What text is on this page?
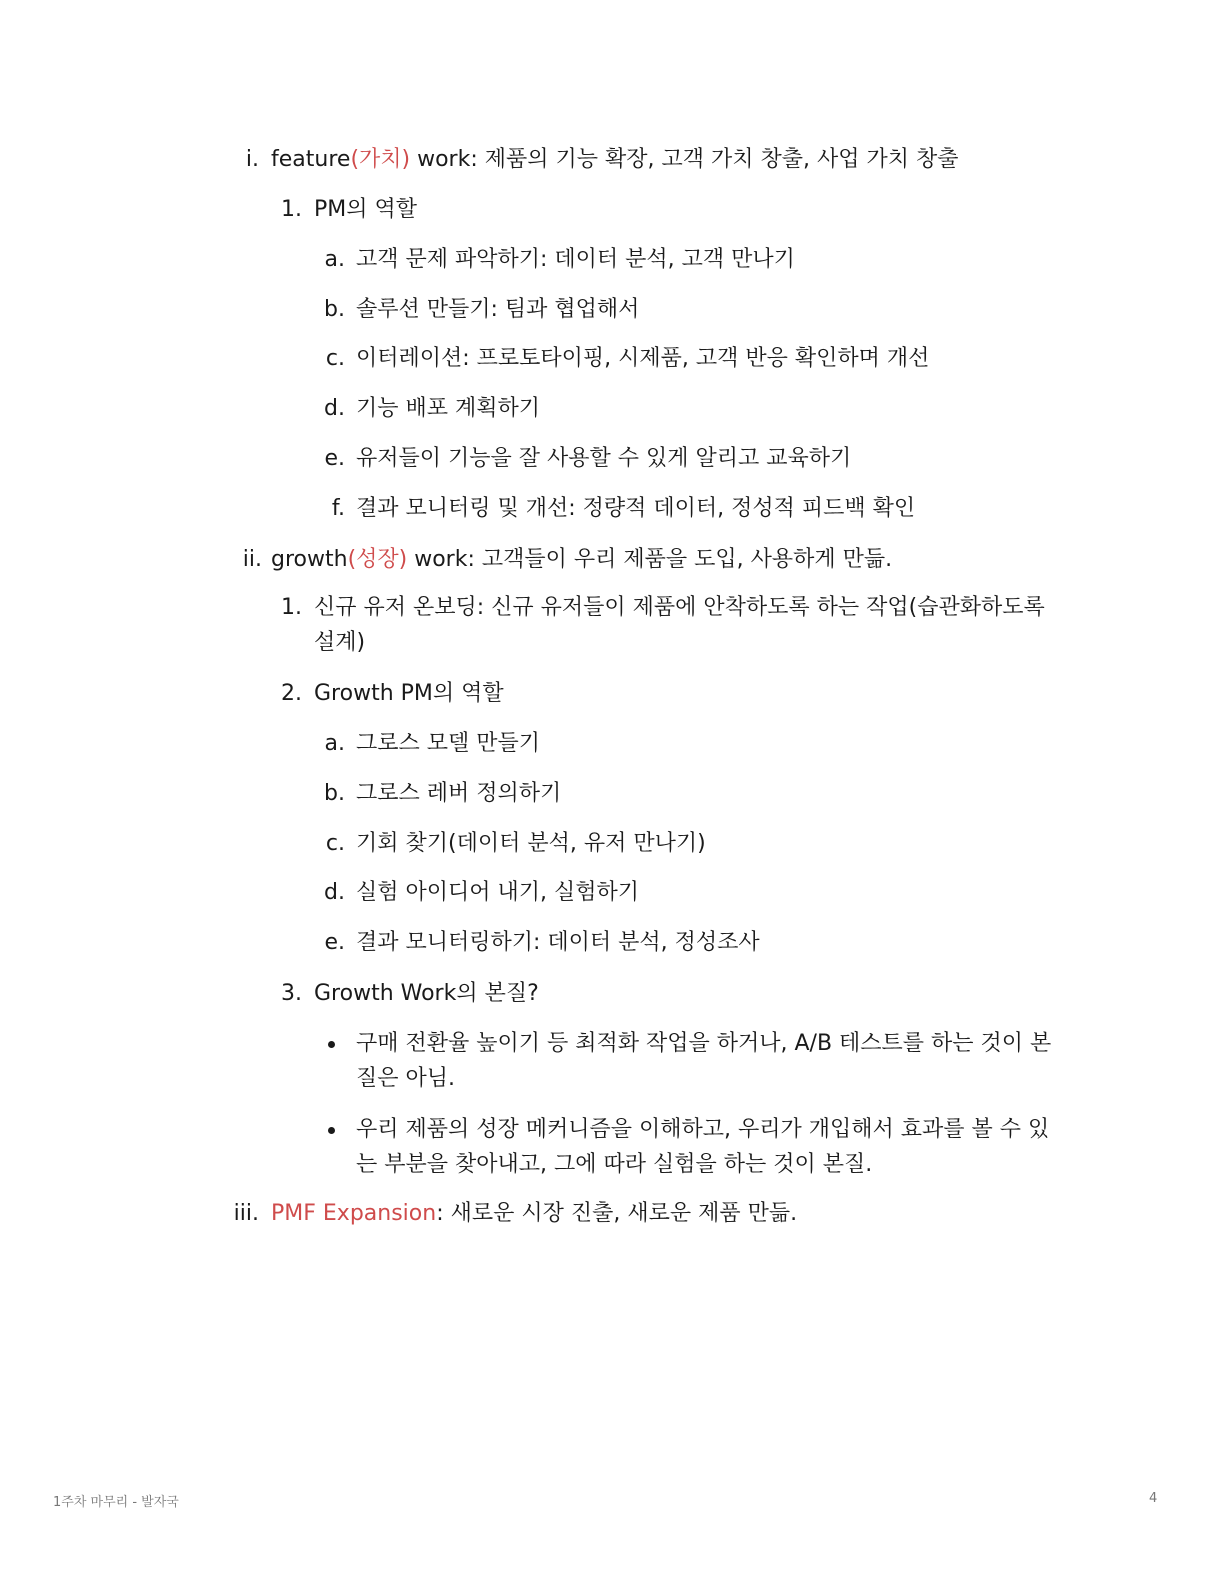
i. feature(가치) work: 제품의 기능 확장, 고객 가치 창출, 사업 가치 창출
1. PM의 역할
a. 고객 문제 파악하기: 데이터 분석, 고객 만나기
b. 솔루션 만들기: 팀과 협업해서
c. 이터레이션: 프로토타이핑, 시제품, 고객 반응 확인하며 개선
d. 기능 배포 계획하기
e. 유저들이 기능을 잘 사용할 수 있게 알리고 교육하기
f. 결과 모니터링 및 개선: 정량적 데이터, 정성적 피드백 확인
ii. growth(성장) work: 고객들이 우리 제품을 도입, 사용하게 만듦.
1. 신규 유저 온보딩: 신규 유저들이 제품에 안착하도록 하는 작업(습관화하도록
설계)
2. Growth PM의 역할
a. 그로스 모델 만들기
b. 그로스 레버 정의하기
c. 기회 찾기(데이터 분석, 유저 만나기)
d. 실험 아이디어 내기, 실험하기
e. 결과 모니터링하기: 데이터 분석, 정성조사
3. Growth Work의 본질?
구매 전환율 높이기 등 최적화 작업을 하거나, A/B 테스트를 하는 것이 본
질은 아님.
우리 제품의 성장 메커니즘을 이해하고, 우리가 개입해서 효과를 볼 수 있
는 부분을 찾아내고, 그에 따라 실험을 하는 것이 본질.
iii. PMF Expansion: 새로운 시장 진출, 새로운 제품 만듦.
1주차 마무리 - 발자국	4
